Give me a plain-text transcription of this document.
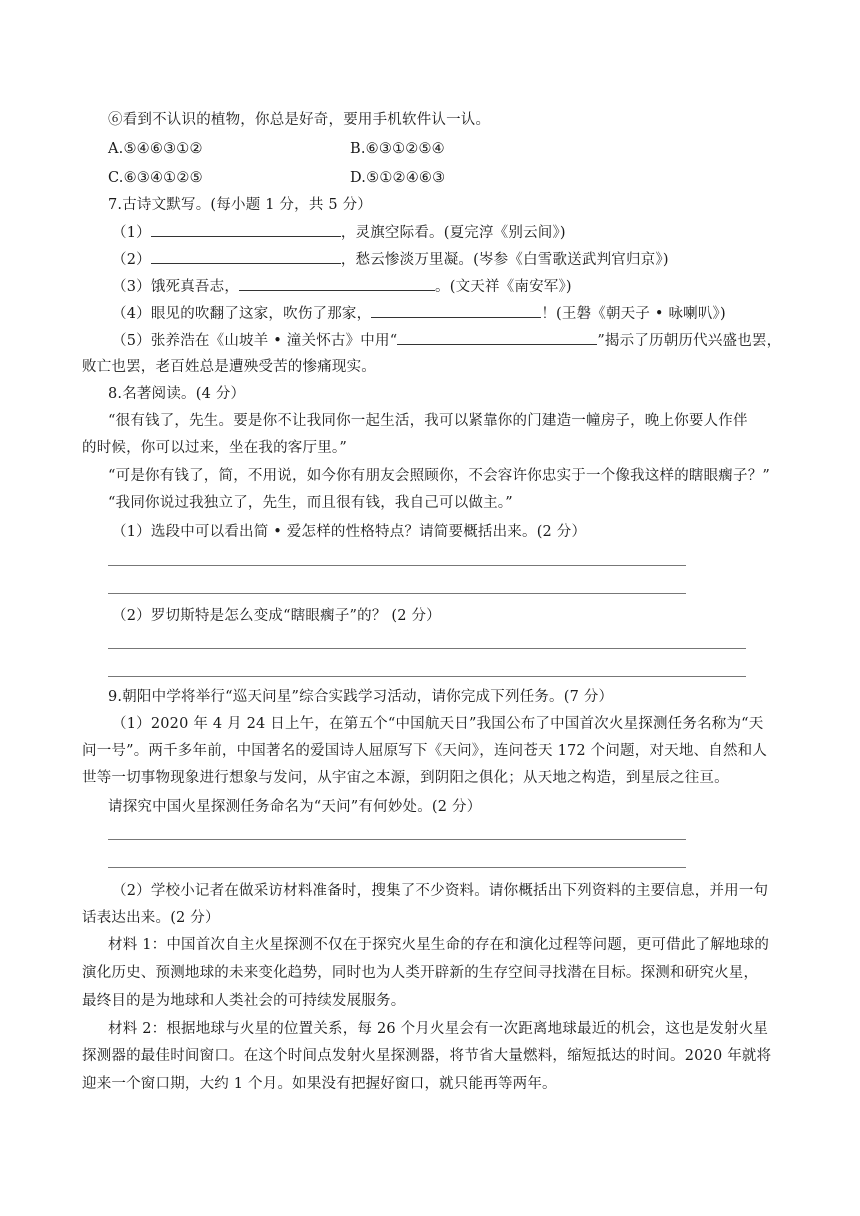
⑥看到不认识的植物，你总是好奇，要用手机软件认一认。
A.⑤④⑥③①②	B.⑥③①②⑤④
C.⑥③④①②⑤	D.⑤①②④⑥③
7.古诗文默写。(每小题 1 分，共 5 分）
（1）	，灵旗空际看。(夏完淳《别云间》)
（2）	，愁云惨淡万里凝。(岑参《白雪歌送武判官归京》)
（3）饿死真吾志，	。(文天祥《南安军》)
（4）眼见的吹翻了这家，吹伤了那家，	！(王磐《朝天子 • 咏喇叭》)
（5）张养浩在《山坡羊 • 潼关怀古》中用“	”揭示了历朝历代兴盛也罢，
败亡也罢，老百姓总是遭殃受苦的惨痛现实。
8.名著阅读。(4 分）
“很有钱了，先生。要是你不让我同你一起生活，我可以紧靠你的门建造一幢房子，晚上你要人作伴
的时候，你可以过来，坐在我的客厅里。”
“可是你有钱了，简，不用说，如今你有朋友会照顾你，不会容许你忠实于一个像我这样的瞎眼瘸子？”
“我同你说过我独立了，先生，而且很有钱，我自己可以做主。”
（1）选段中可以看出简 • 爱怎样的性格特点？请简要概括出来。(2 分）
（2）罗切斯特是怎么变成“瞎眼瘸子”的？ (2 分）
9.朝阳中学将举行“巡天问星”综合实践学习活动，请你完成下列任务。(7 分）
（1）2020 年 4 月 24 日上午，在第五个“中国航天日”我国公布了中国首次火星探测任务名称为“天
问一号”。两千多年前，中国著名的爱国诗人屈原写下《天问》，连问苍天 172 个问题，对天地、自然和人
世等一切事物现象进行想象与发问，从宇宙之本源，到阴阳之俱化；从天地之构造，到星辰之往亘。
请探究中国火星探测任务命名为“天问”有何妙处。(2 分）
（2）学校小记者在做采访材料准备时，搜集了不少资料。请你概括出下列资料的主要信息，并用一句
话表达出来。(2 分）
材料 1：中国首次自主火星探测不仅在于探究火星生命的存在和演化过程等问题，更可借此了解地球的
演化历史、预测地球的未来变化趋势，同时也为人类开辟新的生存空间寻找潜在目标。探测和研究火星，
最终目的是为地球和人类社会的可持续发展服务。
材料 2：根据地球与火星的位置关系，每 26 个月火星会有一次距离地球最近的机会，这也是发射火星
探测器的最佳时间窗口。在这个时间点发射火星探测器，将节省大量燃料，缩短抵达的时间。2020 年就将
迎来一个窗口期，大约 1 个月。如果没有把握好窗口，就只能再等两年。
